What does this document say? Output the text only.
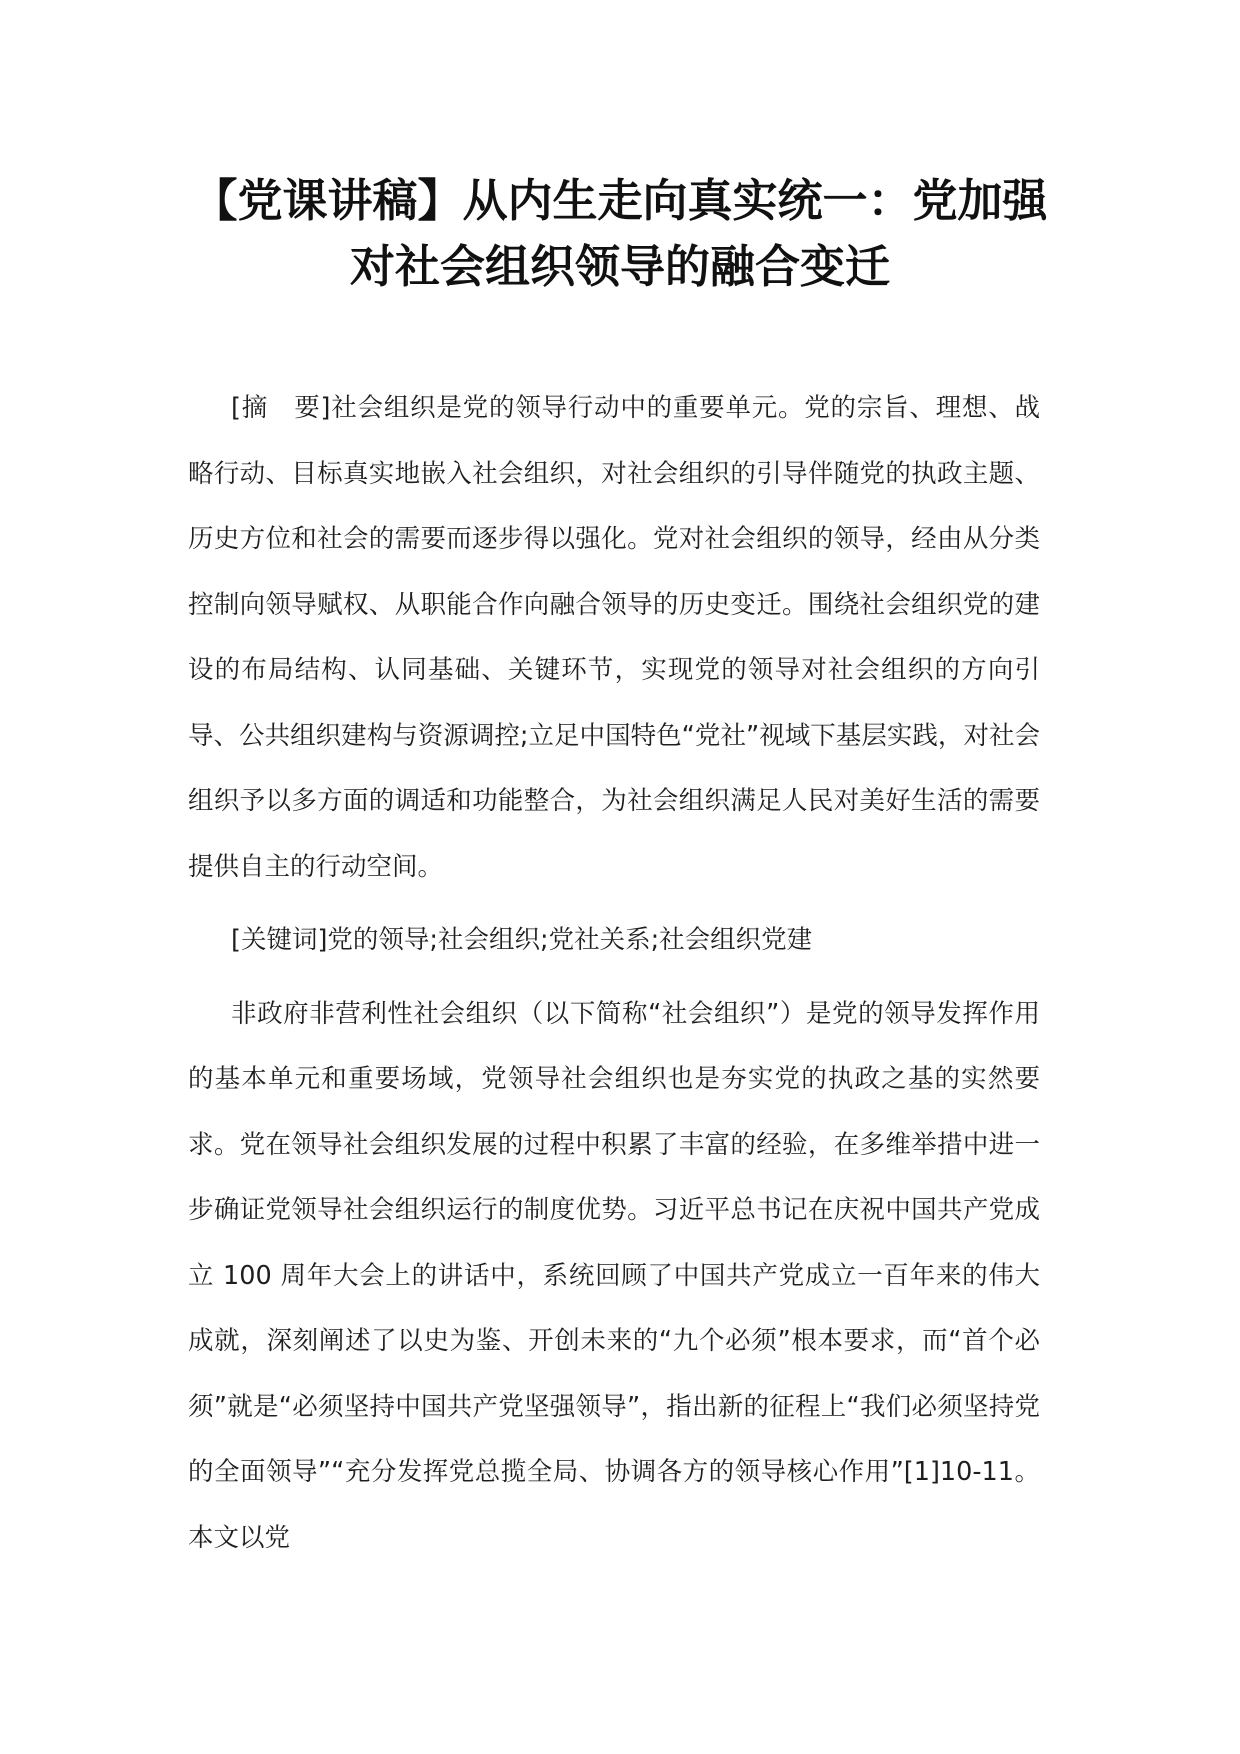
【党课讲稿】从内生走向真实统一：党加强
对社会组织领导的融合变迁

[摘　要]社会组织是党的领导行动中的重要单元。党的宗旨、理想、战略行动、目标真实地嵌入社会组织，对社会组织的引导伴随党的执政主题、历史方位和社会的需要而逐步得以强化。党对社会组织的领导，经由从分类控制向领导赋权、从职能合作向融合领导的历史变迁。围绕社会组织党的建设的布局结构、认同基础、关键环节，实现党的领导对社会组织的方向引导、公共组织建构与资源调控;立足中国特色“党社”视域下基层实践，对社会组织予以多方面的调适和功能整合，为社会组织满足人民对美好生活的需要提供自主的行动空间。

[关键词]党的领导;社会组织;党社关系;社会组织党建

非政府非营利性社会组织（以下简称“社会组织”）是党的领导发挥作用的基本单元和重要场域，党领导社会组织也是夯实党的执政之基的实然要求。党在领导社会组织发展的过程中积累了丰富的经验，在多维举措中进一步确证党领导社会组织运行的制度优势。习近平总书记在庆祝中国共产党成立 100 周年大会上的讲话中，系统回顾了中国共产党成立一百年来的伟大成就，深刻阐述了以史为鉴、开创未来的“九个必须”根本要求，而“首个必须”就是“必须坚持中国共产党坚强领导”，指出新的征程上“我们必须坚持党的全面领导”“充分发挥党总揽全局、协调各方的领导核心作用”[1]10-11。本文以党
